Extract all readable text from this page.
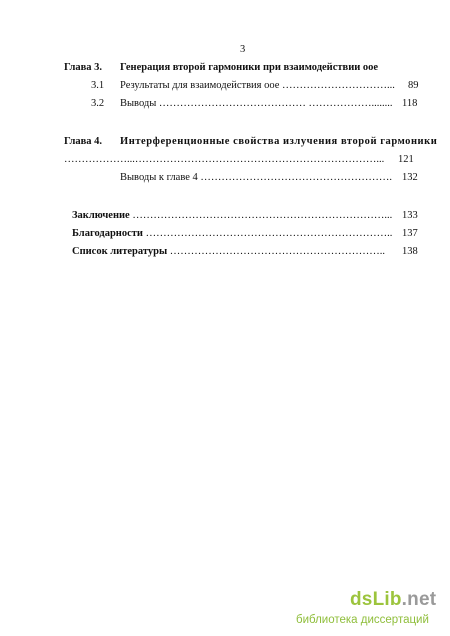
3
Глава 3. Генерация второй гармоники при взаимодействии оое
3.1 Результаты для взаимодействия оое …………………………... 89
3.2 Выводы …………………………………… ………………........ 118
Глава 4. Интерференционные свойства излучения второй гармоники
………………...……………………………………………………………... 121
Выводы к главе 4 ………………………………………………. 132
Заключение ………………………………………………………………... 133
Благодарности …………………………………………………………….. 137
Список литературы …………………………………………………….. 138
dsLib.net
библиотека диссертаций
